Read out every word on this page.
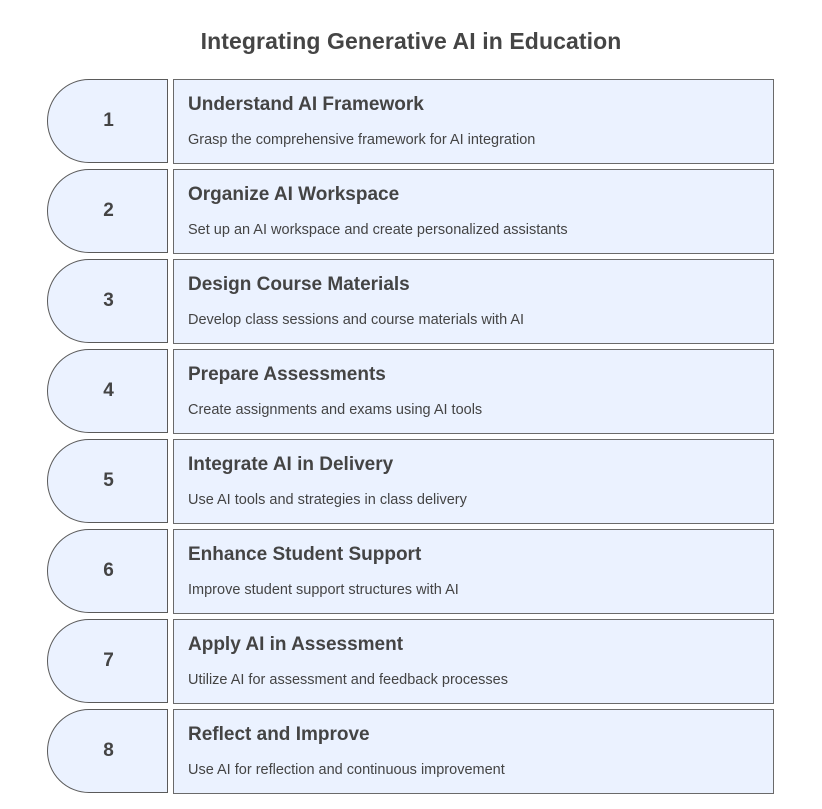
Integrating Generative AI in Education
1
Understand AI Framework
Grasp the comprehensive framework for AI integration
2
Organize AI Workspace
Set up an AI workspace and create personalized assistants
3
Design Course Materials
Develop class sessions and course materials with AI
4
Prepare Assessments
Create assignments and exams using AI tools
5
Integrate AI in Delivery
Use AI tools and strategies in class delivery
6
Enhance Student Support
Improve student support structures with AI
7
Apply AI in Assessment
Utilize AI for assessment and feedback processes
8
Reflect and Improve
Use AI for reflection and continuous improvement
